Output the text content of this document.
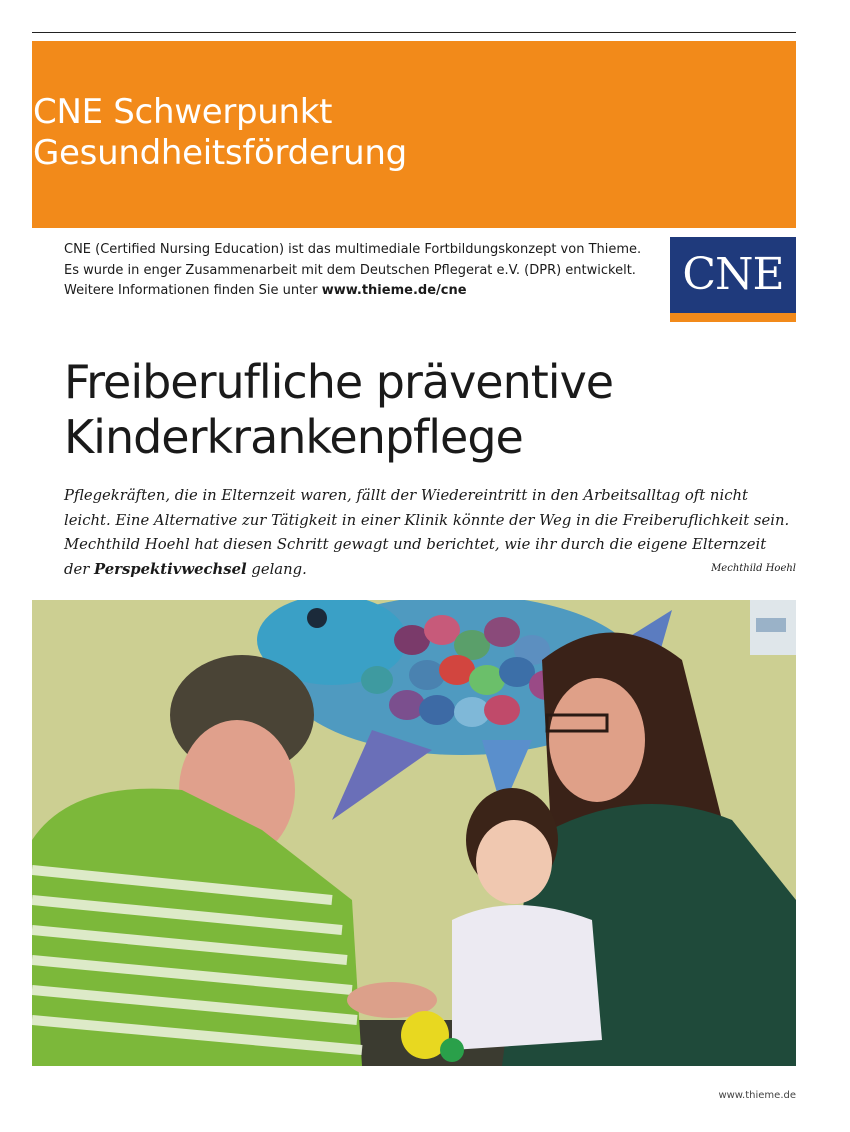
CNE Schwerpunkt
Gesundheitsförderung

CNE (Certified Nursing Education) ist das multimediale Fortbildungskonzept von Thieme. Es wurde in enger Zusammenarbeit mit dem Deutschen Pflegerat e.V. (DPR) entwickelt. Weitere Informationen finden Sie unter www.thieme.de/cne	CNE
Freiberufliche präventive
Kinderkrankenpflege

Pflegekräften, die in Elternzeit waren, fällt der Wiedereintritt in den Arbeitsalltag oft nicht leicht. Eine Alternative zur Tätigkeit in einer Klinik könnte der Weg in die Freiberuflichkeit sein. Mechthild Hoehl hat diesen Schritt gewagt und berichtet, wie ihr durch die eigene Elternzeit der Perspektivwechsel gelang.	Mechthild Hoehl
www.thieme.de
